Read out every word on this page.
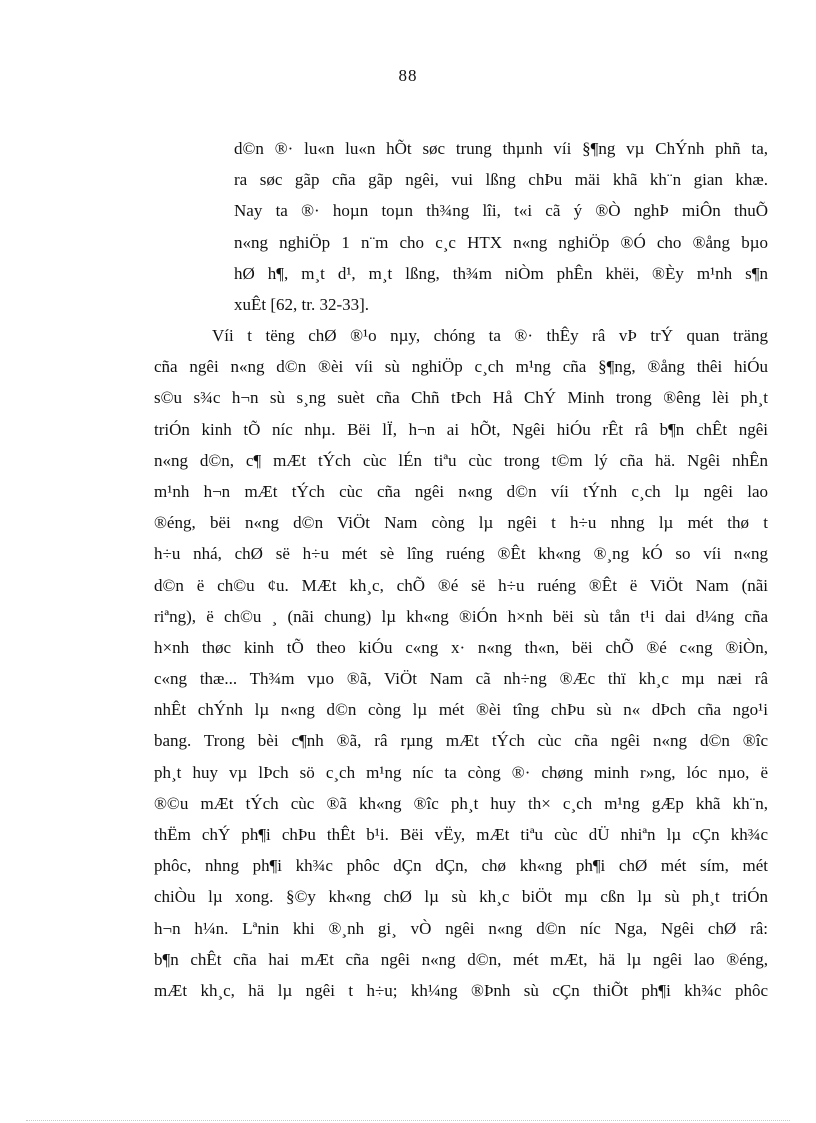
88
d©n ®· lu«n lu«n hÕt søc trung thµnh víi §¶ng vµ ChÝnh phñ ta,
ra søc gãp cña gãp ngêi, vui lßng chÞu mäi khã kh¨n gian khæ.
Nay ta ®· hoµn toµn th¾ng lîi, t«i cã ý ®Ò nghÞ miÔn thuÕ
n«ng nghiÖp 1 n¨m cho c¸c HTX n«ng nghiÖp ®Ó cho ®ång bµo
hØ h¶, m¸t d¹, m¸t lßng, th¾m niÒm phÊn khëi, ®Èy m¹nh s¶n
xuÊt [62, tr. 32-33].
Víi t tëng chØ ®¹o nµy, chóng ta ®· thÊy râ vÞ trÝ quan träng
cña ngêi n«ng d©n ®èi víi sù nghiÖp c¸ch m¹ng cña §¶ng, ®ång thêi hiÓu
s©u s¾c h¬n sù s¸ng suèt cña Chñ tÞch Hå ChÝ Minh trong ®êng lèi ph¸t
triÓn kinh tÕ níc nhµ. Bëi lÏ, h¬n ai hÕt, Ngêi hiÓu rÊt râ b¶n chÊt ngêi
n«ng d©n, c¶ mÆt tÝch cùc lÉn tiªu cùc trong t©m lý cña hä. Ngêi nhÊn
m¹nh h¬n mÆt tÝch cùc cña ngêi n«ng d©n víi tÝnh c¸ch lµ ngêi lao
®éng, bëi n«ng d©n ViÖt Nam còng lµ ngêi t h÷u nhng lµ mét thø t
h÷u nhá, chØ së h÷u mét sè lîng ruéng ®Êt kh«ng ®¸ng kÓ so víi n«ng
d©n ë ch©u ¢u. MÆt kh¸c, chÕ ®é së h÷u ruéng ®Êt ë ViÖt Nam (nãi
riªng), ë ch©u ¸ (nãi chung) lµ kh«ng ®iÓn h×nh bëi sù tån t¹i dai d¼ng cña
h×nh thøc kinh tÕ theo kiÓu c«ng x· n«ng th«n, bëi chÕ ®é c«ng ®iÒn,
c«ng thæ... Th¾m vµo ®ã, ViÖt Nam cã nh÷ng ®Æc thï kh¸c mµ næi râ
nhÊt chÝnh lµ n«ng d©n còng lµ mét ®èi tîng chÞu sù n« dÞch cña ngo¹i
bang. Trong bèi c¶nh ®ã, râ rµng mÆt tÝch cùc cña ngêi n«ng d©n ®îc
ph¸t huy vµ lÞch sö c¸ch m¹ng níc ta còng ®· chøng minh r»ng, lóc nµo, ë
®©u mÆt tÝch cùc ®ã kh«ng ®îc ph¸t huy th× c¸ch m¹ng gÆp khã kh¨n,
thËm chÝ ph¶i chÞu thÊt b¹i. Bëi vËy, mÆt tiªu cùc dÜ nhiªn lµ cÇn kh¾c
phôc, nhng ph¶i kh¾c phôc dÇn dÇn, chø kh«ng ph¶i chØ mét sím, mét
chiÒu lµ xong. §©y kh«ng chØ lµ sù kh¸c biÖt mµ cßn lµ sù ph¸t triÓn
h¬n h¼n. Lªnin khi ®¸nh gi¸ vÒ ngêi n«ng d©n níc Nga, Ngêi chØ râ:
b¶n chÊt cña hai mÆt cña ngêi n«ng d©n, mét mÆt, hä lµ ngêi lao ®éng,
mÆt kh¸c, hä lµ ngêi t h÷u; kh¼ng ®Þnh sù cÇn thiÕt ph¶i kh¾c phôc
